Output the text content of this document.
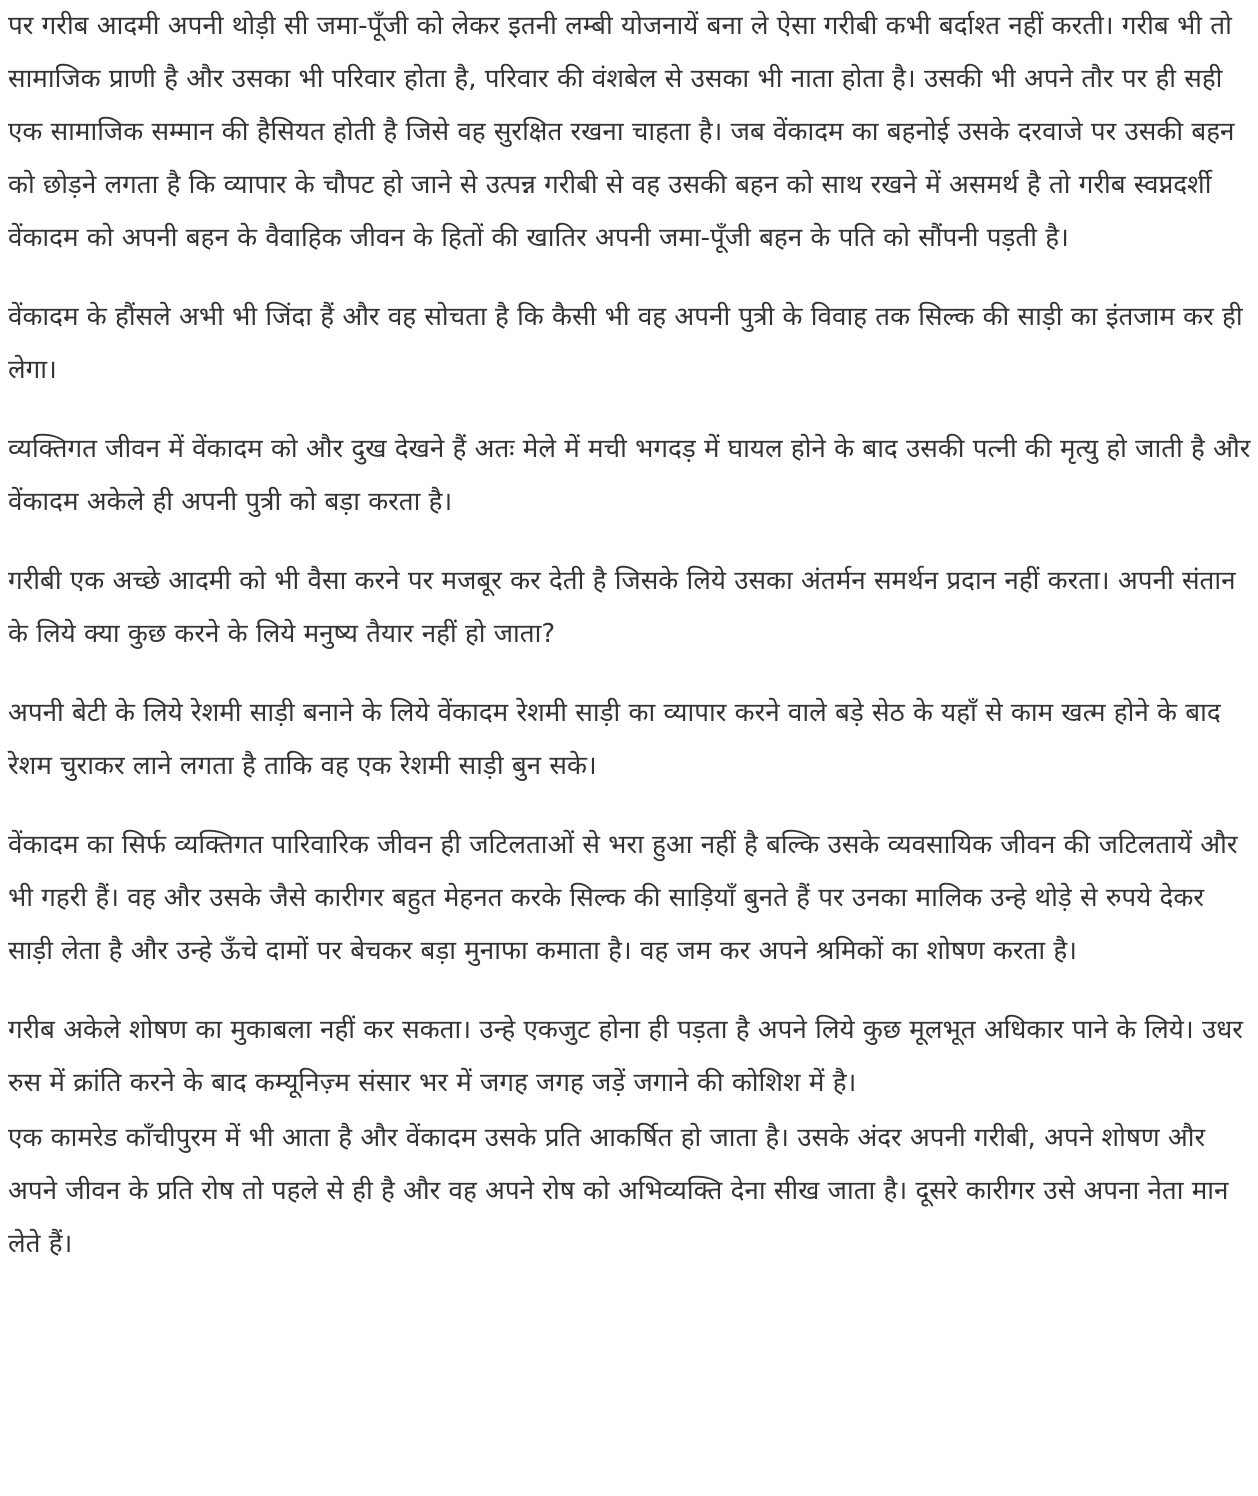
पर गरीब आदमी अपनी थोड़ी सी जमा-पूँजी को लेकर इतनी लम्बी योजनायें बना ले ऐसा गरीबी कभी बर्दाश्त नहीं करती। गरीब भी तो सामाजिक प्राणी है और उसका भी परिवार होता है, परिवार की वंशबेल से उसका भी नाता होता है। उसकी भी अपने तौर पर ही सही एक सामाजिक सम्मान की हैसियत होती है जिसे वह सुरक्षित रखना चाहता है। जब वेंकादम का बहनोई उसके दरवाजे पर उसकी बहन को छोड़ने लगता है कि व्यापार के चौपट हो जाने से उत्पन्न गरीबी से वह उसकी बहन को साथ रखने में असमर्थ है तो गरीब स्वप्नदर्शी वेंकादम को अपनी बहन के वैवाहिक जीवन के हितों की खातिर अपनी जमा-पूँजी बहन के पति को सौंपनी पड़ती है।

वेंकादम के हौंसले अभी भी जिंदा हैं और वह सोचता है कि कैसी भी वह अपनी पुत्री के विवाह तक सिल्क की साड़ी का इंतजाम कर ही लेगा।

व्यक्तिगत जीवन में वेंकादम को और दुख देखने हैं अतः मेले में मची भगदड़ में घायल होने के बाद उसकी पत्नी की मृत्यु हो जाती है और वेंकादम अकेले ही अपनी पुत्री को बड़ा करता है।

गरीबी एक अच्छे आदमी को भी वैसा करने पर मजबूर कर देती है जिसके लिये उसका अंतर्मन समर्थन प्रदान नहीं करता। अपनी संतान के लिये क्या कुछ करने के लिये मनुष्य तैयार नहीं हो जाता?

अपनी बेटी के लिये रेशमी साड़ी बनाने के लिये वेंकादम रेशमी साड़ी का व्यापार करने वाले बड़े सेठ के यहाँ से काम खत्म होने के बाद रेशम चुराकर लाने लगता है ताकि वह एक रेशमी साड़ी बुन सके।

वेंकादम का सिर्फ व्यक्तिगत पारिवारिक जीवन ही जटिलताओं से भरा हुआ नहीं है बल्कि उसके व्यवसायिक जीवन की जटिलतायें और भी गहरी हैं। वह और उसके जैसे कारीगर बहुत मेहनत करके सिल्क की साड़ियाँ बुनते हैं पर उनका मालिक उन्हे थोड़े से रुपये देकर साड़ी लेता है और उन्हे ऊँचे दामों पर बेचकर बड़ा मुनाफा कमाता है। वह जम कर अपने श्रमिकों का शोषण करता है।

गरीब अकेले शोषण का मुकाबला नहीं कर सकता। उन्हे एकजुट होना ही पड़ता है अपने लिये कुछ मूलभूत अधिकार पाने के लिये। उधर रुस में क्रांति करने के बाद कम्यूनिज़्म संसार भर में जगह जगह जड़ें जगाने की कोशिश में है।

एक कामरेड काँचीपुरम में भी आता है और वेंकादम उसके प्रति आकर्षित हो जाता है। उसके अंदर अपनी गरीबी, अपने शोषण और अपने जीवन के प्रति रोष तो पहले से ही है और वह अपने रोष को अभिव्यक्ति देना सीख जाता है। दूसरे कारीगर उसे अपना नेता मान लेते हैं।
